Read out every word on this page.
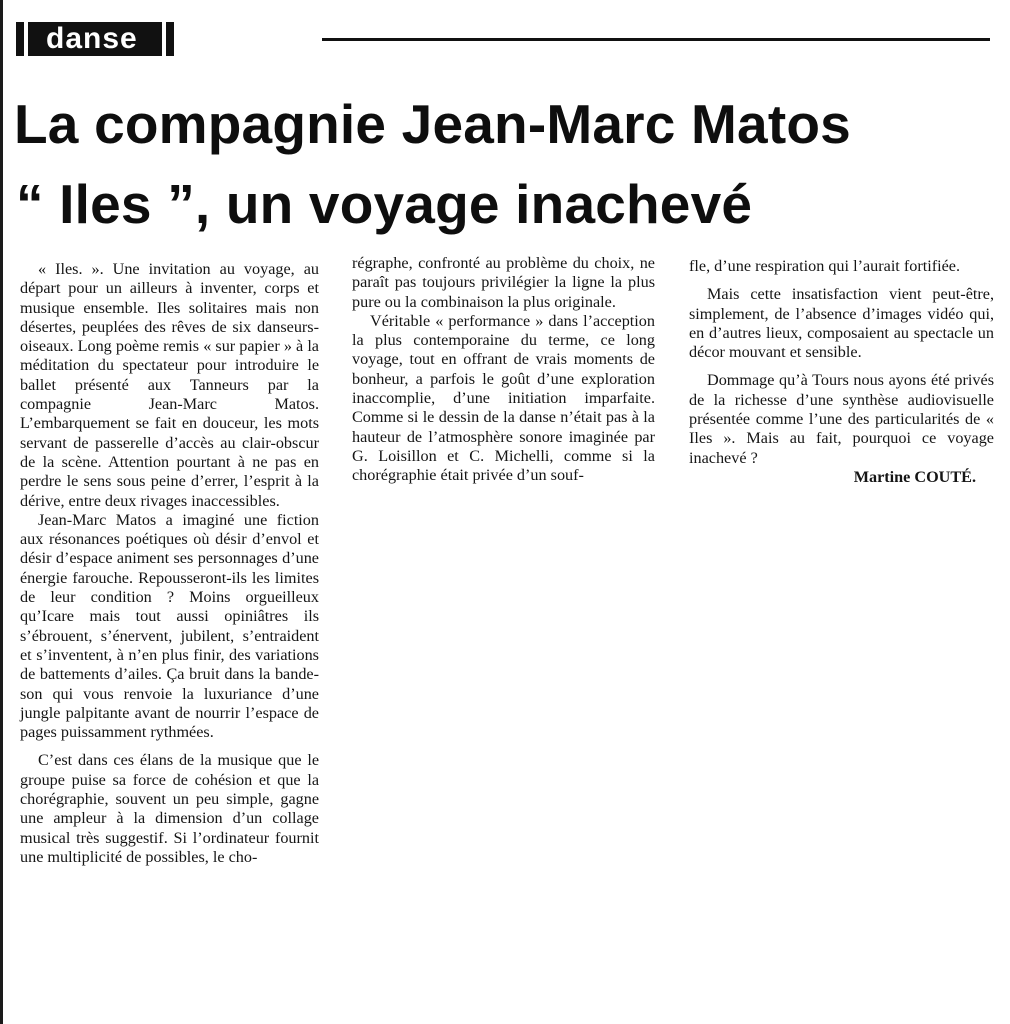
danse
La compagnie Jean-Marc Matos
“ Iles ”, un voyage inachevé

« Iles. ». Une invitation au voyage, au départ pour un ailleurs à inventer, corps et musique ensemble. Iles solitaires mais non désertes, peuplées des rêves de six danseurs-oiseaux. Long poème remis « sur papier » à la méditation du spectateur pour introduire le ballet présenté aux Tanneurs par la compagnie Jean-Marc Matos. L’embarquement se fait en douceur, les mots servant de passerelle d’accès au clair-obscur de la scène. Attention pourtant à ne pas en perdre le sens sous peine d’errer, l’esprit à la dérive, entre deux rivages inaccessibles.

Jean-Marc Matos a imaginé une fiction aux résonances poétiques où désir d’envol et désir d’espace animent ses personnages d’une énergie farouche. Repousseront-ils les limites de leur condition ? Moins orgueilleux qu’Icare mais tout aussi opiniâtres ils s’ébrouent, s’énervent, jubilent, s’entraident et s’inventent, à n’en plus finir, des variations de battements d’ailes. Ça bruit dans la bande-son qui vous renvoie la luxuriance d’une jungle palpitante avant de nourrir l’espace de pages puissamment rythmées.

C’est dans ces élans de la musique que le groupe puise sa force de cohésion et que la chorégraphie, souvent un peu simple, gagne une ampleur à la dimension d’un collage musical très suggestif. Si l’ordinateur fournit une multiplicité de possibles, le cho-

régraphe, confronté au problème du choix, ne paraît pas toujours privilégier la ligne la plus pure ou la combinaison la plus originale.

Véritable « performance » dans l’acception la plus contemporaine du terme, ce long voyage, tout en offrant de vrais moments de bonheur, a parfois le goût d’une exploration inaccomplie, d’une initiation imparfaite. Comme si le dessin de la danse n’était pas à la hauteur de l’atmosphère sonore imaginée par G. Loisillon et C. Michelli, comme si la chorégraphie était privée d’un souf-

fle, d’une respiration qui l’aurait fortifiée.

Mais cette insatisfaction vient peut-être, simplement, de l’absence d’images vidéo qui, en d’autres lieux, composaient au spectacle un décor mouvant et sensible.

Dommage qu’à Tours nous ayons été privés de la richesse d’une synthèse audiovisuelle présentée comme l’une des particularités de « Iles ». Mais au fait, pourquoi ce voyage inachevé ?

Martine COUTÉ.
